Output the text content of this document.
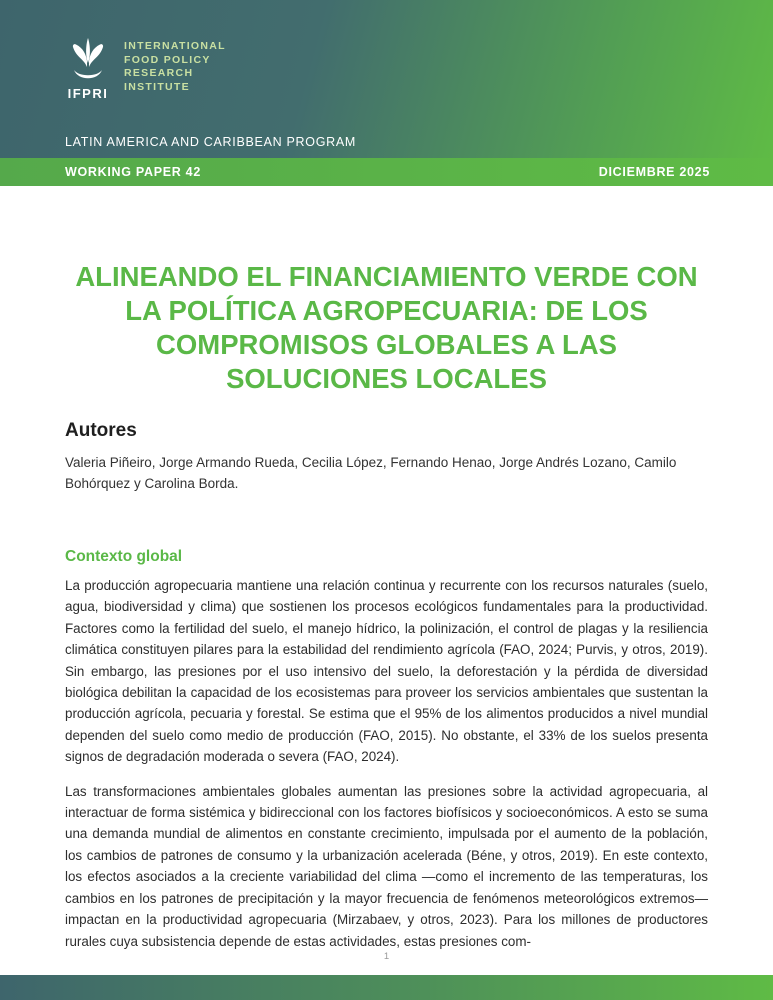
IFPRI
INTERNATIONAL
FOOD POLICY
RESEARCH
INSTITUTE
LATIN AMERICA AND CARIBBEAN PROGRAM
WORKING PAPER 42	DICIEMBRE 2025
ALINEANDO EL FINANCIAMIENTO VERDE CON LA POLÍTICA AGROPECUARIA: DE LOS COMPROMISOS GLOBALES A LAS SOLUCIONES LOCALES
Autores

Valeria Piñeiro, Jorge Armando Rueda, Cecilia López, Fernando Henao, Jorge Andrés Lozano, Camilo Bohórquez y Carolina Borda.

Contexto global

La producción agropecuaria mantiene una relación continua y recurrente con los recursos naturales (suelo, agua, biodiversidad y clima) que sostienen los procesos ecológicos fundamentales para la productividad. Factores como la fertilidad del suelo, el manejo hídrico, la polinización, el control de plagas y la resiliencia climática constituyen pilares para la estabilidad del rendimiento agrícola (FAO, 2024; Purvis, y otros, 2019). Sin embargo, las presiones por el uso intensivo del suelo, la deforestación y la pérdida de diversidad biológica debilitan la capacidad de los ecosistemas para proveer los servicios ambientales que sustentan la producción agrícola, pecuaria y forestal. Se estima que el 95% de los alimentos producidos a nivel mundial dependen del suelo como medio de producción (FAO, 2015). No obstante, el 33% de los suelos presenta signos de degradación moderada o severa (FAO, 2024).

Las transformaciones ambientales globales aumentan las presiones sobre la actividad agropecuaria, al interactuar de forma sistémica y bidireccional con los factores biofísicos y socioeconómicos. A esto se suma una demanda mundial de alimentos en constante crecimiento, impulsada por el aumento de la población, los cambios de patrones de consumo y la urbanización acelerada (Béne, y otros, 2019). En este contexto, los efectos asociados a la creciente variabilidad del clima —como el incremento de las temperaturas, los cambios en los patrones de precipitación y la mayor frecuencia de fenómenos meteorológicos extremos— impactan en la productividad agropecuaria (Mirzabaev, y otros, 2023). Para los millones de productores rurales cuya subsistencia depende de estas actividades, estas presiones com-

1
